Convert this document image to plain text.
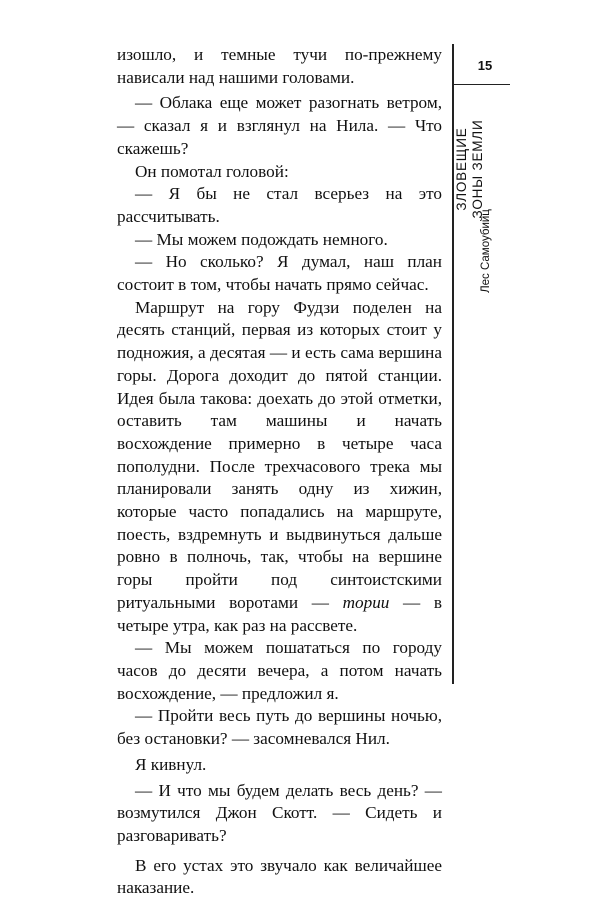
изошло, и темные тучи по-прежнему нависали над нашими головами.

— Облака еще может разогнать ветром, — сказал я и взглянул на Нила. — Что скажешь?

Он помотал головой:

— Я бы не стал всерьез на это рассчитывать.

— Мы можем подождать немного.

— Но сколько? Я думал, наш план состоит в том, чтобы начать прямо сейчас.

Маршрут на гору Фудзи поделен на десять станций, первая из которых стоит у подножия, а десятая — и есть сама вершина горы. Дорога доходит до пятой станции. Идея была такова: доехать до этой отметки, оставить там машины и начать восхождение примерно в четыре часа пополудни. После трехчасового трека мы планировали занять одну из хижин, которые часто попадались на маршруте, поесть, вздремнуть и выдвинуться дальше ровно в полночь, так, чтобы на вершине горы пройти под синтоистскими ритуальными воротами — тории — в четыре утра, как раз на рассвете.

— Мы можем пошататься по городу часов до десяти вечера, а потом начать восхождение, — предложил я.

— Пройти весь путь до вершины ночью, без остановки? — засомневался Нил.

Я кивнул.

— И что мы будем делать весь день? — возмутился Джон Скотт. — Сидеть и разговаривать?

В его устах это звучало как величайшее наказание.

15
ЗЛОВЕЩИЕ ЗОНЫ ЗЕМЛИ
Лес Самоубийц
